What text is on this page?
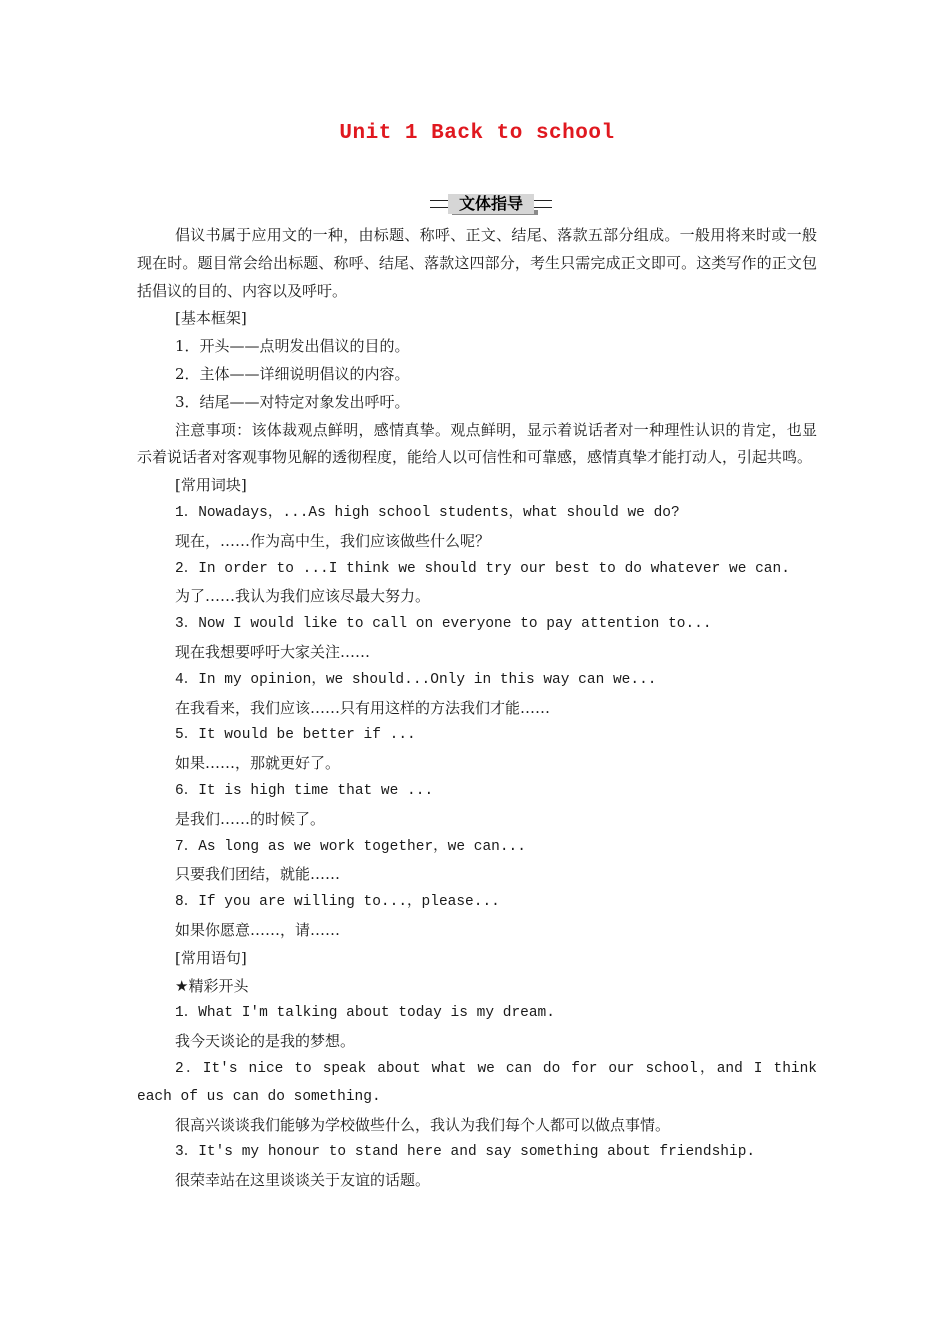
Unit 1 Back to school
文体指导

倡议书属于应用文的一种，由标题、称呼、正文、结尾、落款五部分组成。一般用将来时或一般现在时。题目常会给出标题、称呼、结尾、落款这四部分，考生只需完成正文即可。这类写作的正文包括倡议的目的、内容以及呼吁。

[基本框架]

1．开头——点明发出倡议的目的。

2．主体——详细说明倡议的内容。

3．结尾——对特定对象发出呼吁。

注意事项：该体裁观点鲜明，感情真挚。观点鲜明，显示着说话者对一种理性认识的肯定，也显示着说话者对客观事物见解的透彻程度，能给人以可信性和可靠感，感情真挚才能打动人，引起共鸣。

[常用词块]

1．Nowadays，...As high school students，what should we do?

现在，……作为高中生，我们应该做些什么呢？

2．In order to ...I think we should try our best to do whatever we can.

为了……我认为我们应该尽最大努力。

3．Now I would like to call on everyone to pay attention to...

现在我想要呼吁大家关注……

4．In my opinion，we should...Only in this way can we...

在我看来，我们应该……只有用这样的方法我们才能……

5．It would be better if ...

如果……，那就更好了。

6．It is high time that we ...

是我们……的时候了。

7．As long as we work together，we can...

只要我们团结，就能……

8．If you are willing to...，please...

如果你愿意……，请……

[常用语句]

★精彩开头

1．What I'm talking about today is my dream.

我今天谈论的是我的梦想。

2．It's nice to speak about what we can do for our school，and I think each of us can do something.

很高兴谈谈我们能够为学校做些什么，我认为我们每个人都可以做点事情。

3．It's my honour to stand here and say something about friendship.

很荣幸站在这里谈谈关于友谊的话题。
